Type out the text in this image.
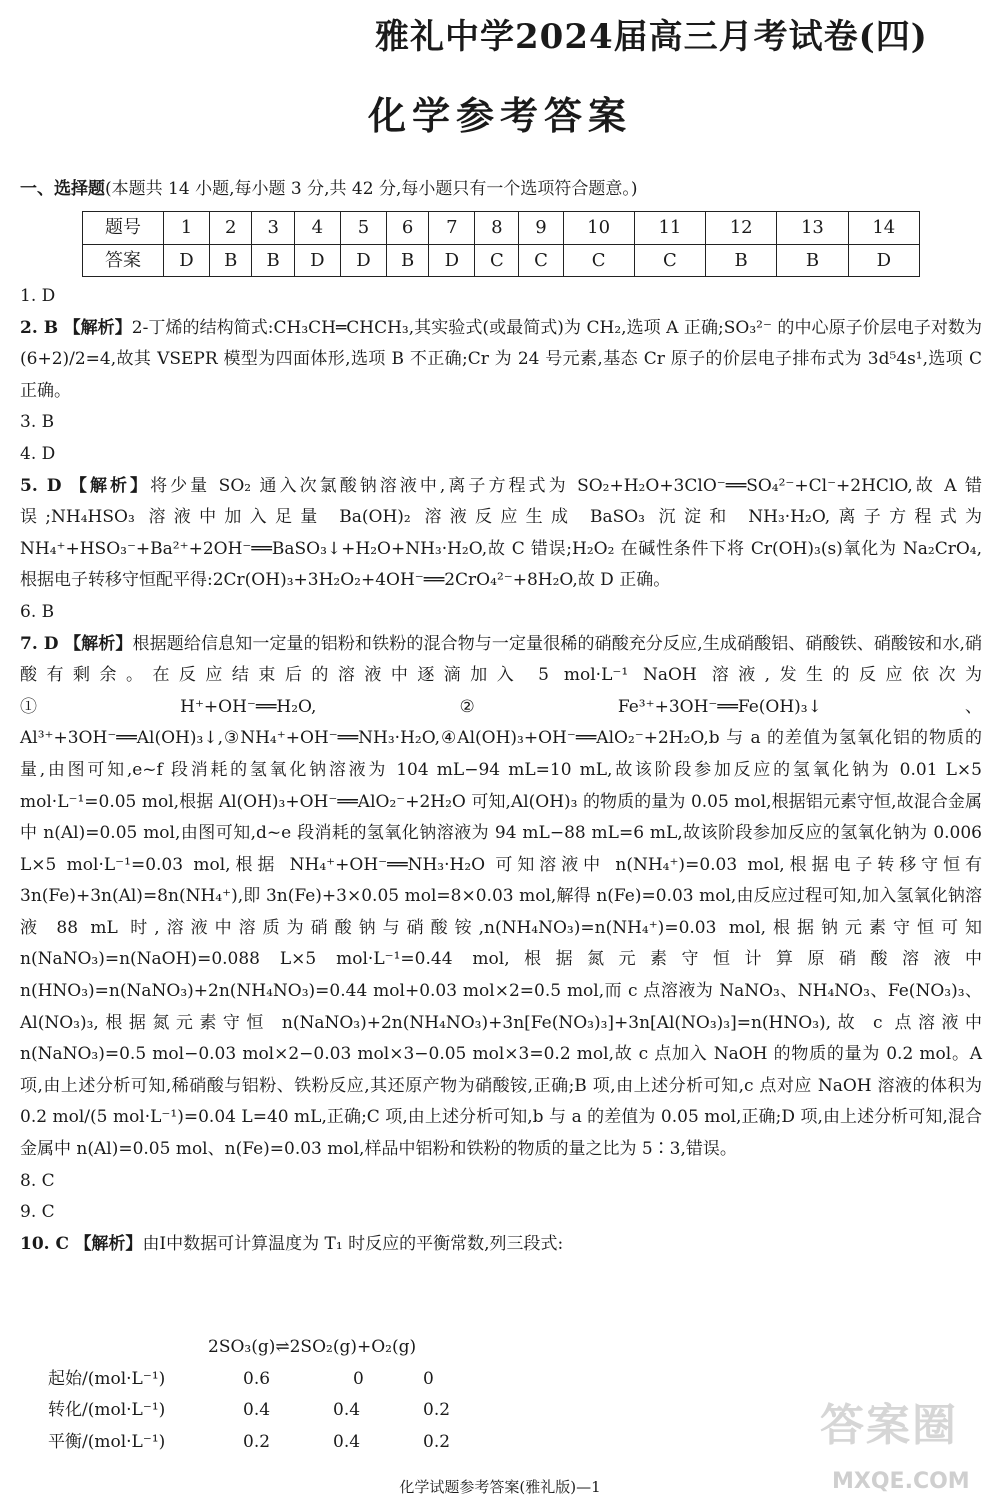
雅礼中学2024届高三月考试卷(四)
化学参考答案
一、选择题(本题共 14 小题,每小题 3 分,共 42 分,每小题只有一个选项符合题意。)
题号	1	2	3	4	5	6	7	8	9	10	11	12	13	14
答案	D	B	B	D	D	B	D	C	C	C	C	B	B	D

1. D

2. B 【解析】2-丁烯的结构简式:CH₃CH═CHCH₃,其实验式(或最简式)为 CH₂,选项 A 正确;SO₃²⁻ 的中心原子价层电子对数为(6+2)/2=4,故其 VSEPR 模型为四面体形,选项 B 不正确;Cr 为 24 号元素,基态 Cr 原子的价层电子排布式为 3d⁵4s¹,选项 C 正确。

3. B

4. D

5. D 【解析】将少量 SO₂ 通入次氯酸钠溶液中,离子方程式为 SO₂+H₂O+3ClO⁻══SO₄²⁻+Cl⁻+2HClO,故 A 错误;NH₄HSO₃ 溶液中加入足量 Ba(OH)₂ 溶液反应生成 BaSO₃ 沉淀和 NH₃·H₂O,离子方程式为 NH₄⁺+HSO₃⁻+Ba²⁺+2OH⁻══BaSO₃↓+H₂O+NH₃·H₂O,故 C 错误;H₂O₂ 在碱性条件下将 Cr(OH)₃(s)氧化为 Na₂CrO₄,根据电子转移守恒配平得:2Cr(OH)₃+3H₂O₂+4OH⁻══2CrO₄²⁻+8H₂O,故 D 正确。

6. B

7. D 【解析】根据题给信息知一定量的铝粉和铁粉的混合物与一定量很稀的硝酸充分反应,生成硝酸铝、硝酸铁、硝酸铵和水,硝酸有剩余。在反应结束后的溶液中逐滴加入 5 mol·L⁻¹ NaOH 溶液,发生的反应依次为①H⁺+OH⁻══H₂O,②Fe³⁺+3OH⁻══Fe(OH)₃↓、Al³⁺+3OH⁻══Al(OH)₃↓,③NH₄⁺+OH⁻══NH₃·H₂O,④Al(OH)₃+OH⁻══AlO₂⁻+2H₂O,b 与 a 的差值为氢氧化铝的物质的量,由图可知,e~f 段消耗的氢氧化钠溶液为 104 mL−94 mL=10 mL,故该阶段参加反应的氢氧化钠为 0.01 L×5 mol·L⁻¹=0.05 mol,根据 Al(OH)₃+OH⁻══AlO₂⁻+2H₂O 可知,Al(OH)₃ 的物质的量为 0.05 mol,根据铝元素守恒,故混合金属中 n(Al)=0.05 mol,由图可知,d~e 段消耗的氢氧化钠溶液为 94 mL−88 mL=6 mL,故该阶段参加反应的氢氧化钠为 0.006 L×5 mol·L⁻¹=0.03 mol,根据 NH₄⁺+OH⁻══NH₃·H₂O 可知溶液中 n(NH₄⁺)=0.03 mol,根据电子转移守恒有 3n(Fe)+3n(Al)=8n(NH₄⁺),即 3n(Fe)+3×0.05 mol=8×0.03 mol,解得 n(Fe)=0.03 mol,由反应过程可知,加入氢氧化钠溶液 88 mL 时,溶液中溶质为硝酸钠与硝酸铵,n(NH₄NO₃)=n(NH₄⁺)=0.03 mol,根据钠元素守恒可知 n(NaNO₃)=n(NaOH)=0.088 L×5 mol·L⁻¹=0.44 mol,根据氮元素守恒计算原硝酸溶液中 n(HNO₃)=n(NaNO₃)+2n(NH₄NO₃)=0.44 mol+0.03 mol×2=0.5 mol,而 c 点溶液为 NaNO₃、NH₄NO₃、Fe(NO₃)₃、Al(NO₃)₃,根据氮元素守恒 n(NaNO₃)+2n(NH₄NO₃)+3n[Fe(NO₃)₃]+3n[Al(NO₃)₃]=n(HNO₃),故 c 点溶液中 n(NaNO₃)=0.5 mol−0.03 mol×2−0.03 mol×3−0.05 mol×3=0.2 mol,故 c 点加入 NaOH 的物质的量为 0.2 mol。A 项,由上述分析可知,稀硝酸与铝粉、铁粉反应,其还原产物为硝酸铵,正确;B 项,由上述分析可知,c 点对应 NaOH 溶液的体积为 0.2 mol/(5 mol·L⁻¹)=0.04 L=40 mL,正确;C 项,由上述分析可知,b 与 a 的差值为 0.05 mol,正确;D 项,由上述分析可知,混合金属中 n(Al)=0.05 mol、n(Fe)=0.03 mol,样品中铝粉和铁粉的物质的量之比为 5∶3,错误。

8. C

9. C

10. C 【解析】由Ⅰ中数据可计算温度为 T₁ 时反应的平衡常数,列三段式:

2SO₃(g)⇌2SO₂(g)+O₂(g)
起始/(mol·L⁻¹)	0.6	0	0
转化/(mol·L⁻¹)	0.4	0.4	0.2
平衡/(mol·L⁻¹)	0.2	0.4	0.2	答案圈
MXQE.COM
化学试题参考答案(雅礼版)—1
